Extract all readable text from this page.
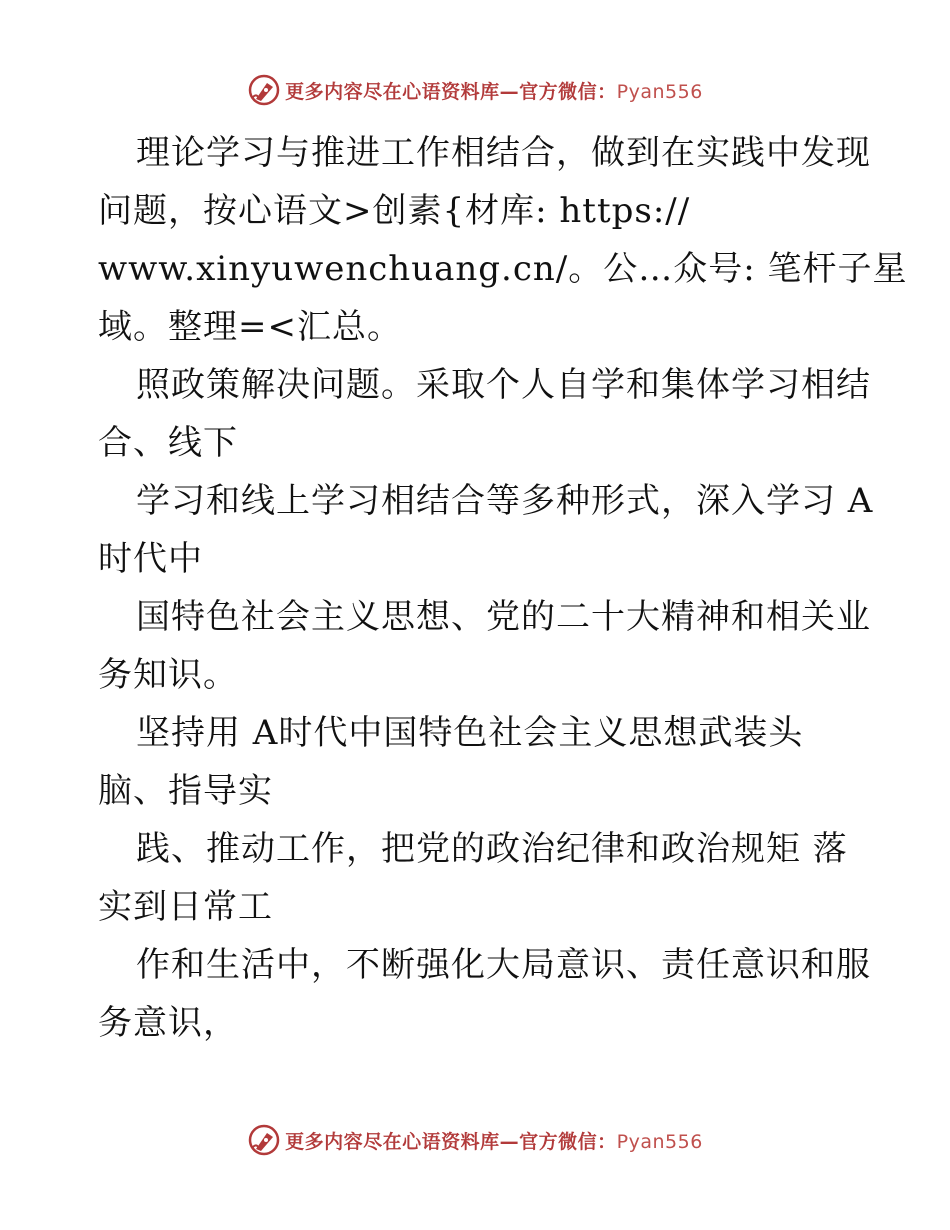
更多内容尽在心语资料库—官方微信：Pyan556
理论学习与推进工作相结合，做到在实践中发现
问题，按心语文>创素{材库: https://
www.xinyuwenchuang.cn/。公…众号: 笔杆子星
域。整理=<汇总。
照政策解决问题。采取个人自学和集体学习相结
合、线下
学习和线上学习相结合等多种形式，深入学习 A
时代中
国特色社会主义思想、党的二十大精神和相关业
务知识。
坚持用 A时代中国特色社会主义思想武装头
脑、指导实
践、推动工作，把党的政治纪律和政治规矩 落
实到日常工
作和生活中，不断强化大局意识、责任意识和服
务意识，
更多内容尽在心语资料库—官方微信：Pyan556
